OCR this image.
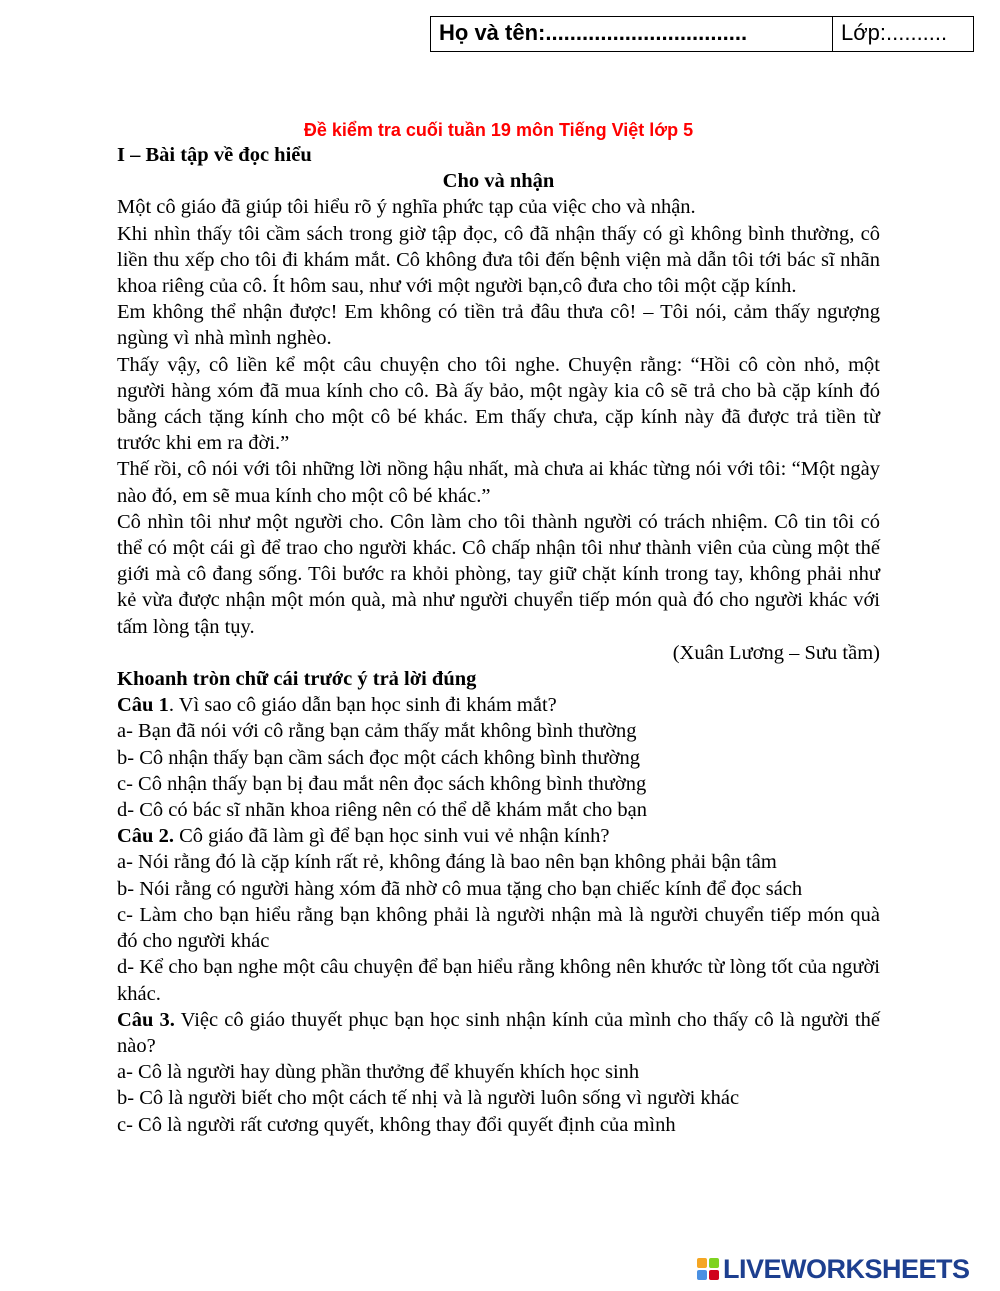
Họ và tên:.................................	Lớp:..........

Đề kiểm tra cuối tuần 19 môn Tiếng Việt lớp 5

I – Bài tập về đọc hiểu

Cho và nhận

Một cô giáo đã giúp tôi hiểu rõ ý nghĩa phức tạp của việc cho và nhận.

Khi nhìn thấy tôi cầm sách trong giờ tập đọc, cô đã nhận thấy có gì không bình thường, cô liền thu xếp cho tôi đi khám mắt. Cô không đưa tôi đến bệnh viện mà dẫn tôi tới bác sĩ nhãn khoa riêng của cô. Ít hôm sau, như với một người bạn,cô đưa cho tôi một cặp kính.

Em không thể nhận được! Em không có tiền trả đâu thưa cô! – Tôi nói, cảm thấy ngượng ngùng vì nhà mình nghèo.

Thấy vậy, cô liền kể một câu chuyện cho tôi nghe. Chuyện rằng: “Hồi cô còn nhỏ, một người hàng xóm đã mua kính cho cô. Bà ấy bảo, một ngày kia cô sẽ trả cho bà cặp kính đó bằng cách tặng kính cho một cô bé khác. Em thấy chưa, cặp kính này đã được trả tiền từ trước khi em ra đời.”

Thế rồi, cô nói với tôi những lời nồng hậu nhất, mà chưa ai khác từng nói với tôi: “Một ngày nào đó, em sẽ mua kính cho một cô bé khác.”

Cô nhìn tôi như một người cho. Côn làm cho tôi thành người có trách nhiệm. Cô tin tôi có thể có một cái gì để trao cho người khác. Cô chấp nhận tôi như thành viên của cùng một thế giới mà cô đang sống. Tôi bước ra khỏi phòng, tay giữ chặt kính trong tay, không phải như kẻ vừa được nhận một món quà, mà như người chuyển tiếp món quà đó cho người khác với tấm lòng tận tụy.

(Xuân Lương – Sưu tầm)

Khoanh tròn chữ cái trước ý trả lời đúng

Câu 1. Vì sao cô giáo dẫn bạn học sinh đi khám mắt?

a- Bạn đã nói với cô rằng bạn cảm thấy mắt không bình thường

b- Cô nhận thấy bạn cầm sách đọc một cách không bình thường

c- Cô nhận thấy bạn bị đau mắt nên đọc sách không bình thường

d- Cô có bác sĩ nhãn khoa riêng nên có thể dễ khám mắt cho bạn

Câu 2. Cô giáo đã làm gì để bạn học sinh vui vẻ nhận kính?

a- Nói rằng đó là cặp kính rất rẻ, không đáng là bao nên bạn không phải bận tâm

b- Nói rằng có người hàng xóm đã nhờ cô mua tặng cho bạn chiếc kính để đọc sách

c- Làm cho bạn hiểu rằng bạn không phải là người nhận mà là người chuyển tiếp món quà đó cho người khác

d- Kể cho bạn nghe một câu chuyện để bạn hiểu rằng không nên khước từ lòng tốt của người khác.

Câu 3. Việc cô giáo thuyết phục bạn học sinh nhận kính của mình cho thấy cô là người thế nào?

a- Cô là người hay dùng phần thưởng để khuyến khích học sinh

b- Cô là người biết cho một cách tế nhị và là người luôn sống vì người khác

c- Cô là người rất cương quyết, không thay đổi quyết định của mình

LIVEWORKSHEETS
